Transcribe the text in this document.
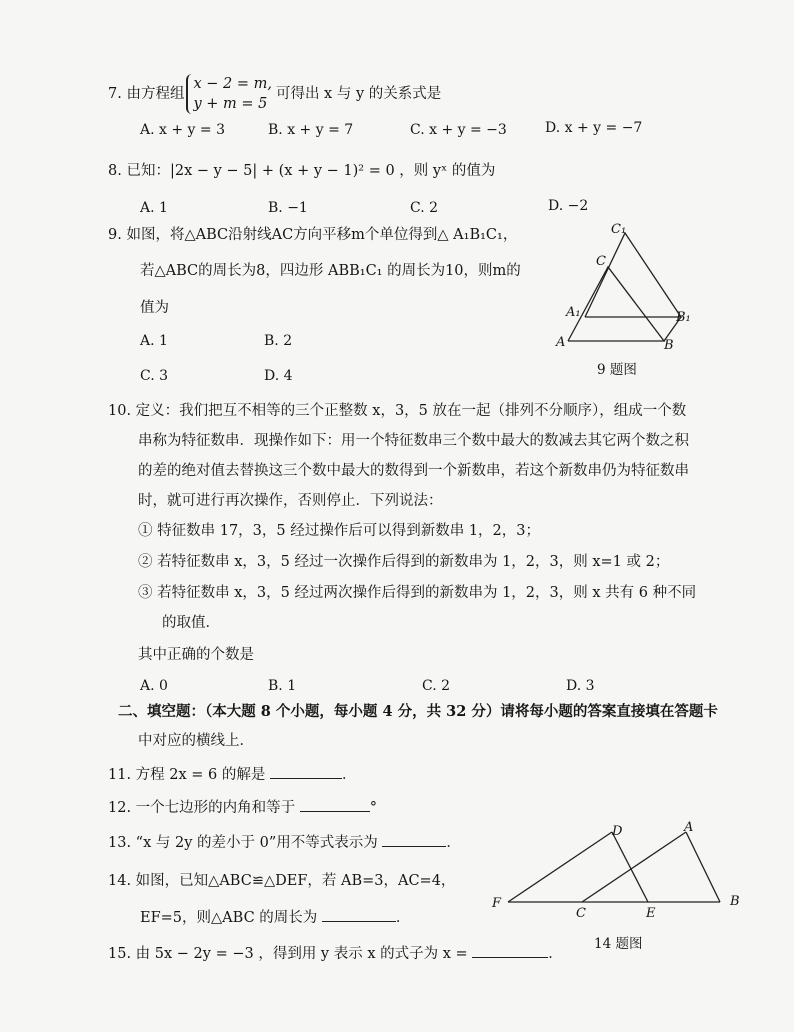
7. 由方程组x − 2 = m,
y + m = 5可得出 x 与 y 的关系式是
A. x + y = 3	B. x + y = 7	C. x + y = −3	D. x + y = −7
8. 已知：|2x − y − 5| + (x + y − 1)² = 0 ，则 yˣ 的值为
A. 1	B. −1	C. 2	D. −2
9. 如图，将△ABC沿射线AC方向平移m个单位得到△ A₁B₁C₁，
若△ABC的周长为8，四边形 ABB₁C₁ 的周长为10，则m的
值为
A. 1	B. 2
C. 3	D. 4
C₁
C
A₁	B₁
A	B
9 题图
10. 定义：我们把互不相等的三个正整数 x，3，5 放在一起（排列不分顺序），组成一个数
串称为特征数串．现操作如下：用一个特征数串三个数中最大的数减去其它两个数之积
的差的绝对值去替换这三个数中最大的数得到一个新数串，若这个新数串仍为特征数串
时，就可进行再次操作，否则停止．下列说法：
① 特征数串 17，3，5 经过操作后可以得到新数串 1，2，3；
② 若特征数串 x，3，5 经过一次操作后得到的新数串为 1，2，3，则 x=1 或 2；
③ 若特征数串 x，3，5 经过两次操作后得到的新数串为 1，2，3，则 x 共有 6 种不同
的取值．
其中正确的个数是
A. 0	B. 1	C. 2	D. 3
二、填空题：（本大题 8 个小题，每小题 4 分，共 32 分）请将每小题的答案直接填在答题卡
中对应的横线上．
11. 方程 2x = 6 的解是	．
12. 一个七边形的内角和等于	°
13. “x 与 2y 的差小于 0”用不等式表示为	．
14. 如图，已知△ABC≌△DEF，若 AB=3，AC=4，
EF=5，则△ABC 的周长为	．
D	A
F
C	E
B
14 题图
15. 由 5x − 2y = −3 ，得到用 y 表示 x 的式子为 x =	．
